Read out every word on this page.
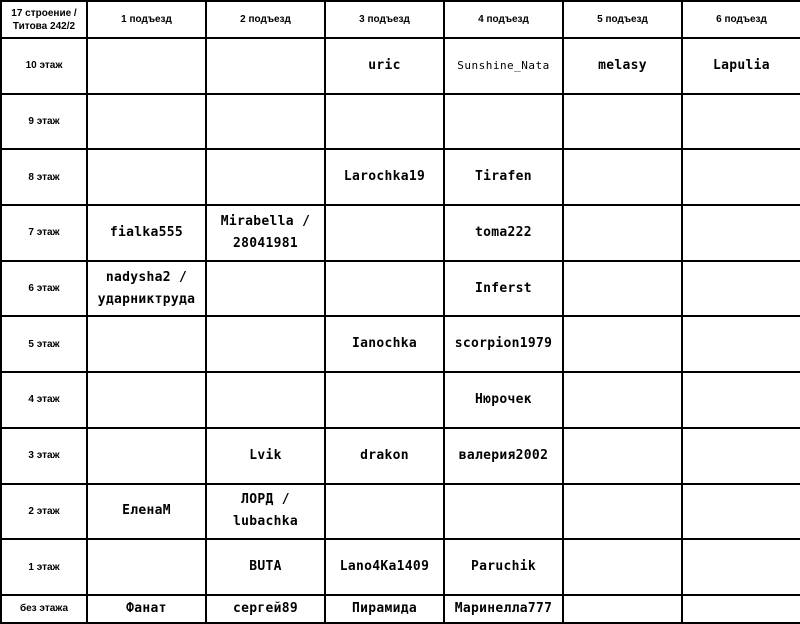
17 строение / Титова 242/2	1 подъезд	2 подъезд	3 подъезд	4 подъезд	5 подъезд	6 подъезд
10 этаж			uric	Sunshine_Nata	melasy	Lapulia
9 этаж						
8 этаж			Larochka19	Tirafen		
7 этаж	fialka555	Mirabella / 28041981		toma222		
6 этаж	nadysha2 / ударниктруда			Inferst		
5 этаж			Ianochka	scorpion1979		
4 этаж				Нюрочек		
3 этаж		Lvik	drakon	валерия2002		
2 этаж	ЕленаМ	ЛОРД / lubachka				
1 этаж		BUTA	Lano4Ka1409	Paruchik		
без этажа	Фанат	сергей89	Пирамида	Маринелла777		
